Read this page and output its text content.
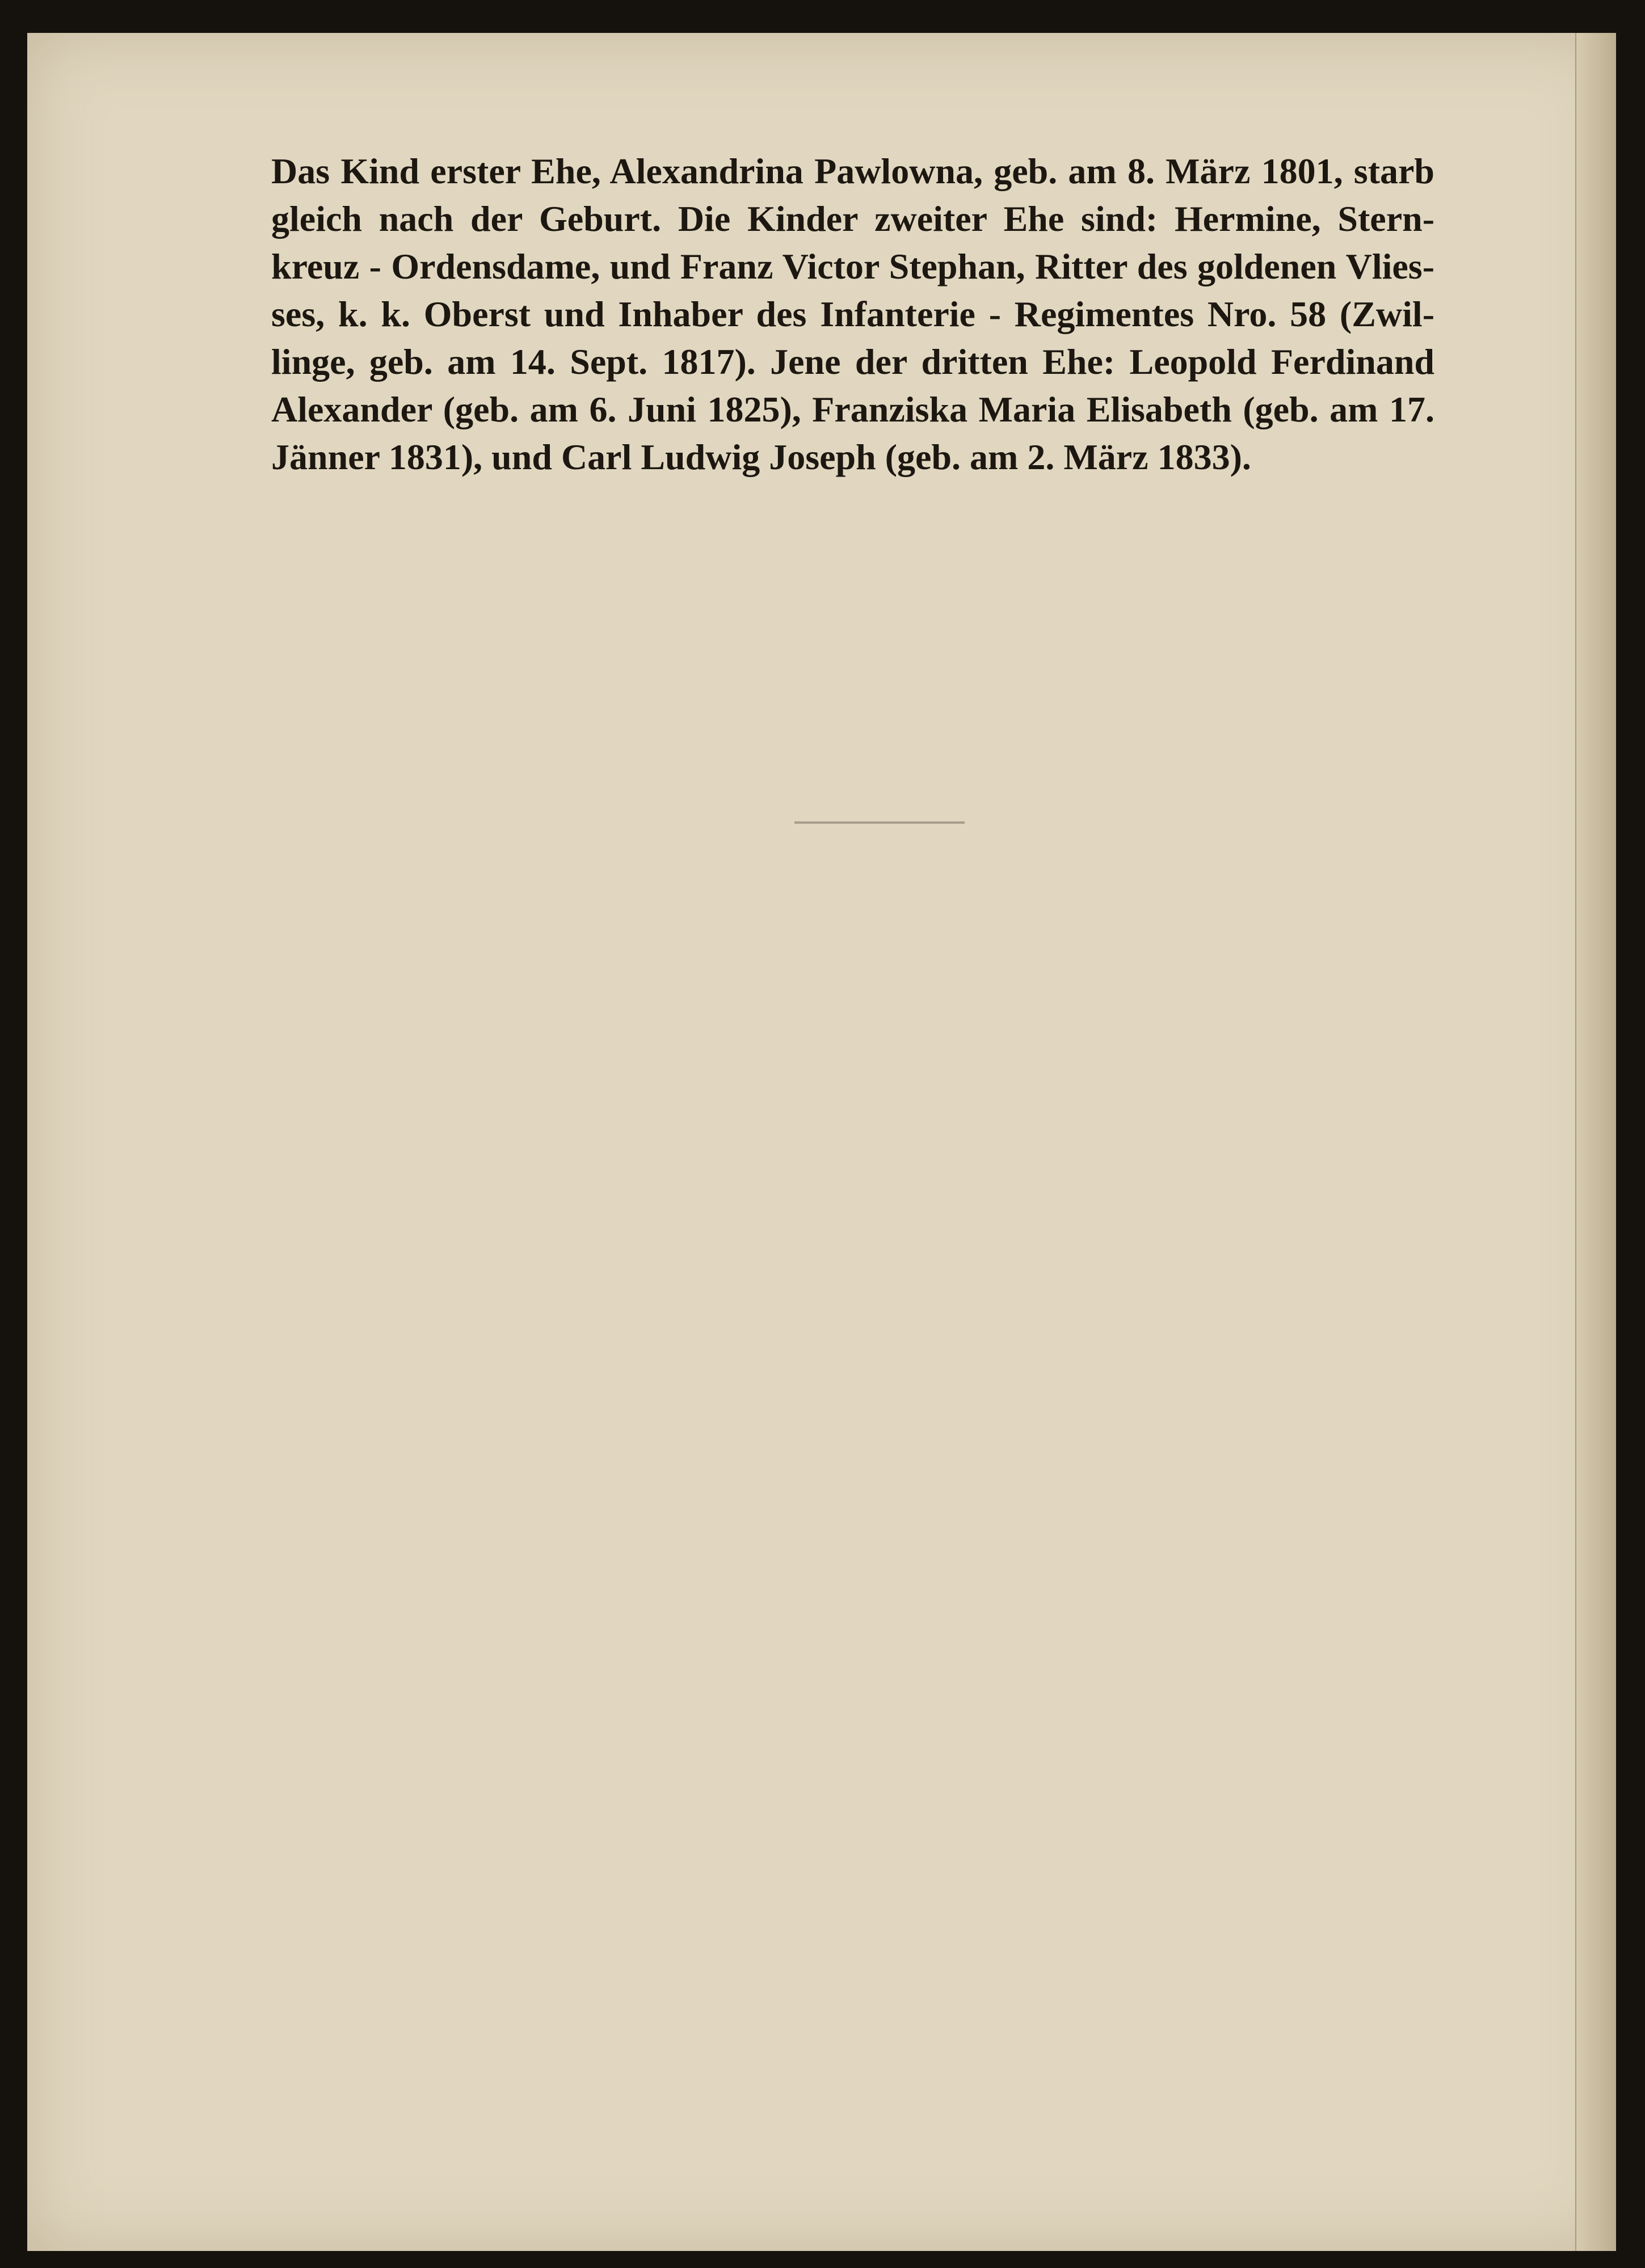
Das Kind erster Ehe, Alexandrina Pawlowna, geb. am 8. März 1801, starb
gleich nach der Geburt. Die Kinder zweiter Ehe sind: Hermine, Stern-
kreuz - Ordensdame, und Franz Victor Stephan, Ritter des goldenen Vlies-
ses, k. k. Oberst und Inhaber des Infanterie - Regimentes Nro. 58 (Zwil-
linge, geb. am 14. Sept. 1817). Jene der dritten Ehe: Leopold Ferdinand
Alexander (geb. am 6. Juni 1825), Franziska Maria Elisabeth (geb. am 17.
Jänner 1831), und Carl Ludwig Joseph (geb. am 2. März 1833).
